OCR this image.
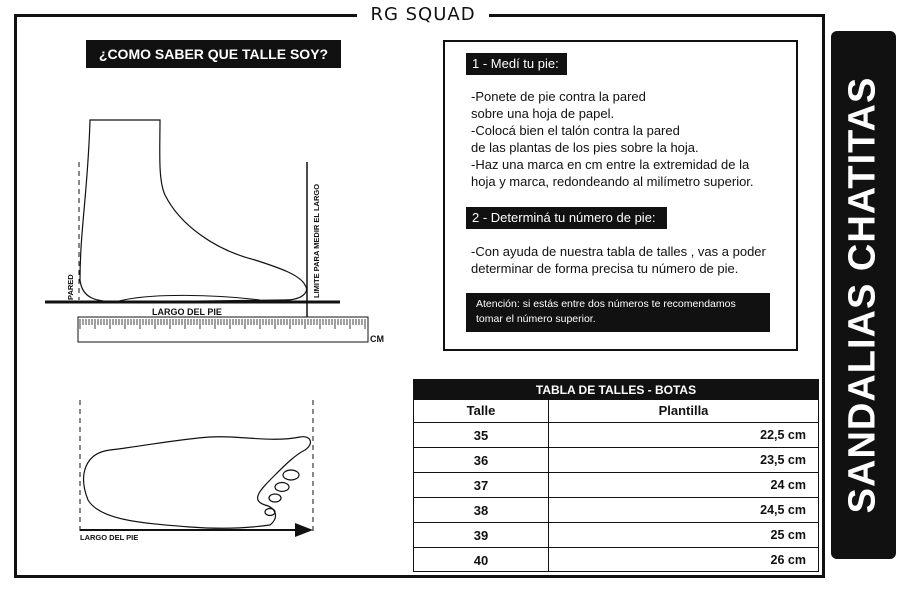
RG SQUAD
¿COMO SABER QUE TALLE SOY?
SANDALIAS CHATITAS
PARED	LIMITE PARA MEDIR EL LARGO
LARGO DEL PIE
CM
LARGO DEL PIE
1 - Medí tu pie:
-Ponete de pie contra la pared
sobre una hoja de papel.
-Colocá bien el talón contra la pared
de las plantas de los pies sobre la hoja.
-Haz una marca en cm entre la extremidad de la
hoja y marca, redondeando al milímetro superior.
2 - Determiná tu número de pie:
-Con ayuda de nuestra tabla de talles , vas a poder
determinar de forma precisa tu número de pie.
Atención: si estás entre dos números te recomendamos
tomar el número superior.
TABLA DE TALLES - BOTAS
Talle	Plantilla
35	22,5 cm
36	23,5 cm
37	24 cm
38	24,5 cm
39	25 cm
40	26 cm
